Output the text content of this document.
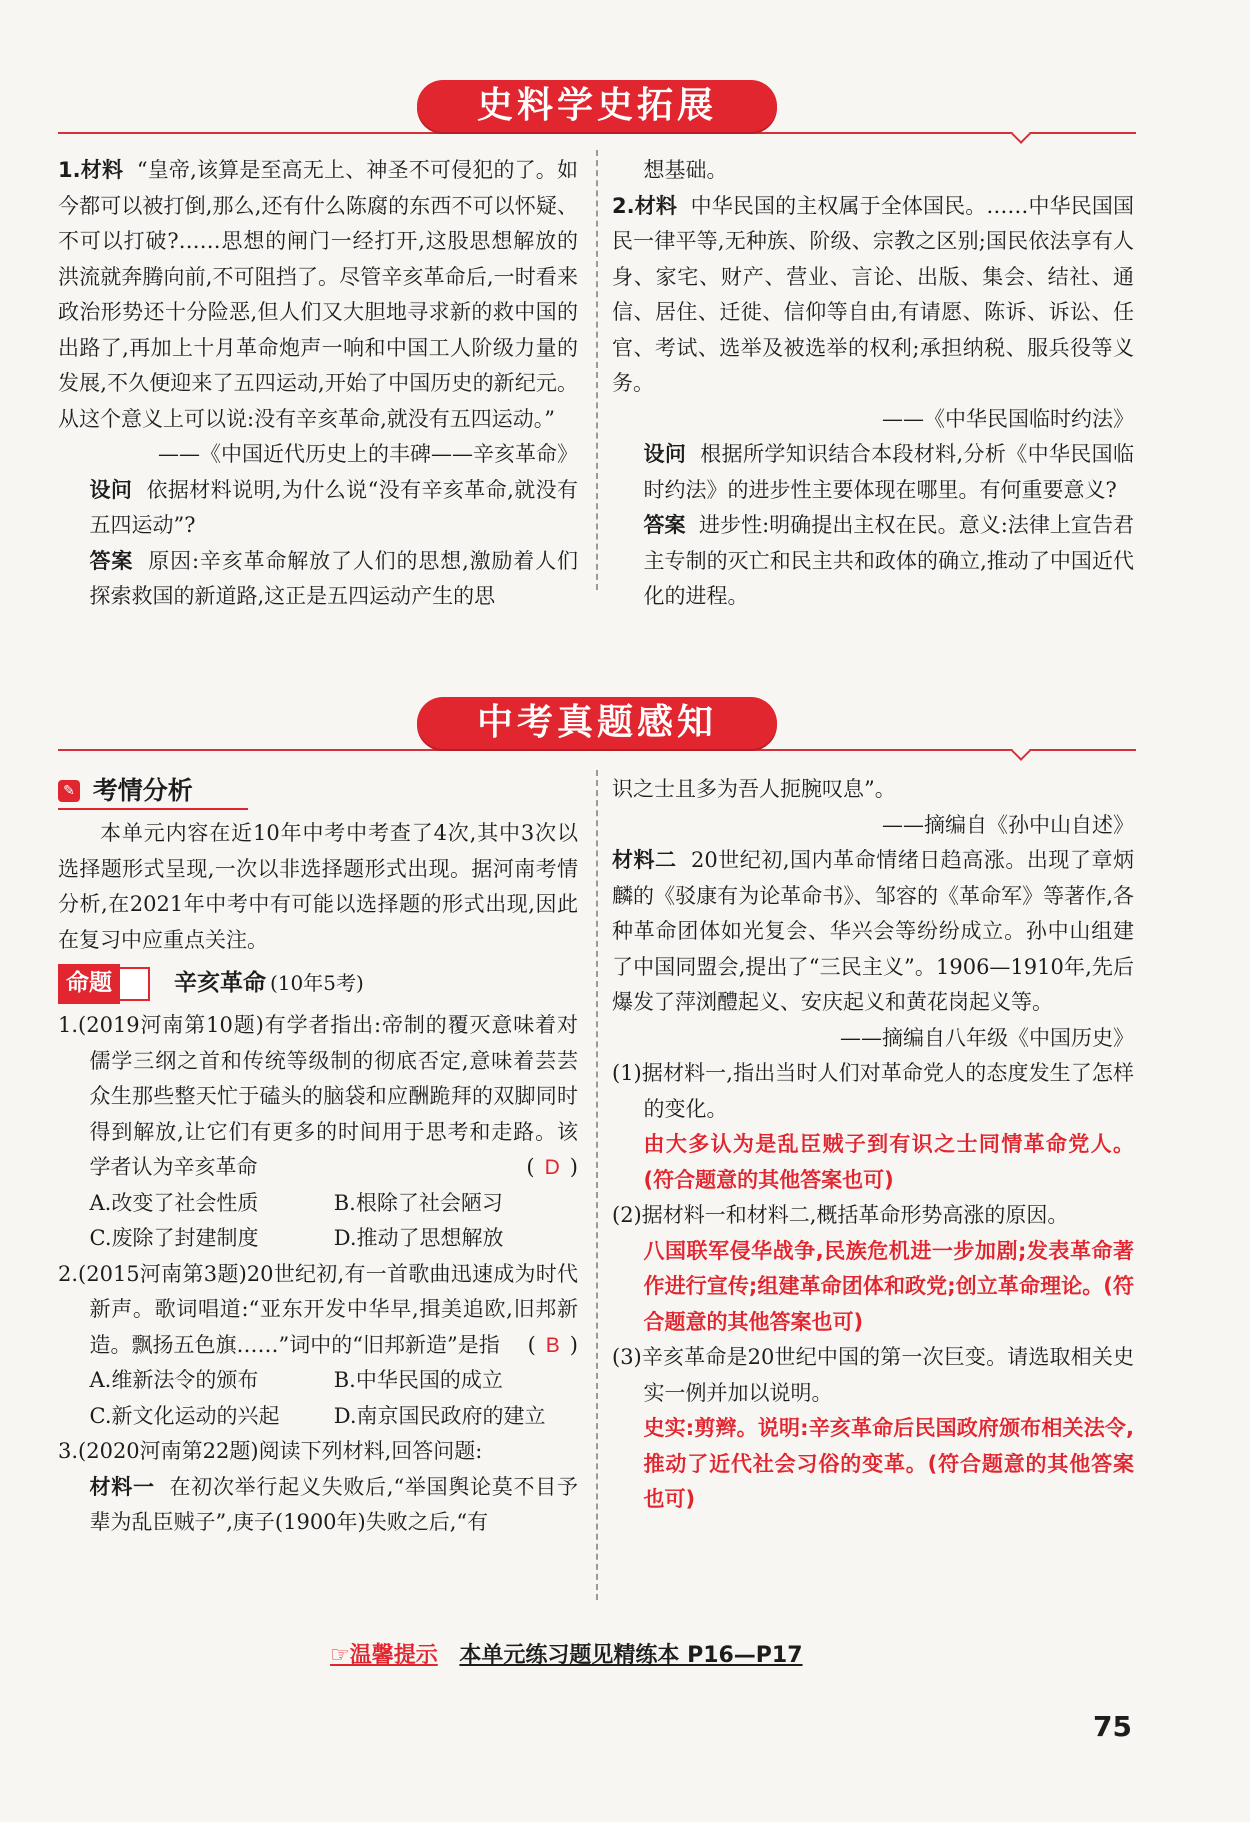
史料学史拓展

1.材料 “皇帝,该算是至高无上、神圣不可侵犯的了。如今都可以被打倒,那么,还有什么陈腐的东西不可以怀疑、不可以打破?……思想的闸门一经打开,这股思想解放的洪流就奔腾向前,不可阻挡了。尽管辛亥革命后,一时看来政治形势还十分险恶,但人们又大胆地寻求新的救中国的出路了,再加上十月革命炮声一响和中国工人阶级力量的发展,不久便迎来了五四运动,开始了中国历史的新纪元。从这个意义上可以说:没有辛亥革命,就没有五四运动。”

——《中国近代历史上的丰碑——辛亥革命》

设问 依据材料说明,为什么说“没有辛亥革命,就没有五四运动”?

答案 原因:辛亥革命解放了人们的思想,激励着人们探索救国的新道路,这正是五四运动产生的思

想基础。

2.材料 中华民国的主权属于全体国民。……中华民国国民一律平等,无种族、阶级、宗教之区别;国民依法享有人身、家宅、财产、营业、言论、出版、集会、结社、通信、居住、迁徙、信仰等自由,有请愿、陈诉、诉讼、任官、考试、选举及被选举的权利;承担纳税、服兵役等义务。

——《中华民国临时约法》

设问 根据所学知识结合本段材料,分析《中华民国临时约法》的进步性主要体现在哪里。有何重要意义?

答案 进步性:明确提出主权在民。意义:法律上宣告君主专制的灭亡和民主共和政体的确立,推动了中国近代化的进程。

中考真题感知
✎ 考情分析

本单元内容在近10年中考中考查了4次,其中3次以选择题形式呈现,一次以非选择题形式出现。据河南考情分析,在2021年中考中有可能以选择题的形式出现,因此在复习中应重点关注。

命题	辛亥革命 (10年5考)

1.(2019河南第10题)有学者指出:帝制的覆灭意味着对儒学三纲之首和传统等级制的彻底否定,意味着芸芸众生那些整天忙于磕头的脑袋和应酬跪拜的双脚同时得到解放,让它们有更多的时间用于思考和走路。该学者认为辛亥革命	( D )

A.改变了社会性质	B.根除了社会陋习

C.废除了封建制度	D.推动了思想解放

2.(2015河南第3题)20世纪初,有一首歌曲迅速成为时代新声。歌词唱道:“亚东开发中华早,揖美追欧,旧邦新造。飘扬五色旗……”词中的“旧邦新造”是指 ( B )

A.维新法令的颁布	B.中华民国的成立

C.新文化运动的兴起	D.南京国民政府的建立

3.(2020河南第22题)阅读下列材料,回答问题:

材料一 在初次举行起义失败后,“举国舆论莫不目予辈为乱臣贼子”,庚子(1900年)失败之后,“有

识之士且多为吾人扼腕叹息”。

——摘编自《孙中山自述》

材料二 20世纪初,国内革命情绪日趋高涨。出现了章炳麟的《驳康有为论革命书》、邹容的《革命军》等著作,各种革命团体如光复会、华兴会等纷纷成立。孙中山组建了中国同盟会,提出了“三民主义”。1906—1910年,先后爆发了萍浏醴起义、安庆起义和黄花岗起义等。

——摘编自八年级《中国历史》

(1)据材料一,指出当时人们对革命党人的态度发生了怎样的变化。

由大多认为是乱臣贼子到有识之士同情革命党人。(符合题意的其他答案也可)

(2)据材料一和材料二,概括革命形势高涨的原因。

八国联军侵华战争,民族危机进一步加剧;发表革命著作进行宣传;组建革命团体和政党;创立革命理论。(符合题意的其他答案也可)

(3)辛亥革命是20世纪中国的第一次巨变。请选取相关史实一例并加以说明。

史实:剪辫。说明:辛亥革命后民国政府颁布相关法令,推动了近代社会习俗的变革。(符合题意的其他答案也可)

☞温馨提示 本单元练习题见精练本 P16—P17
75
